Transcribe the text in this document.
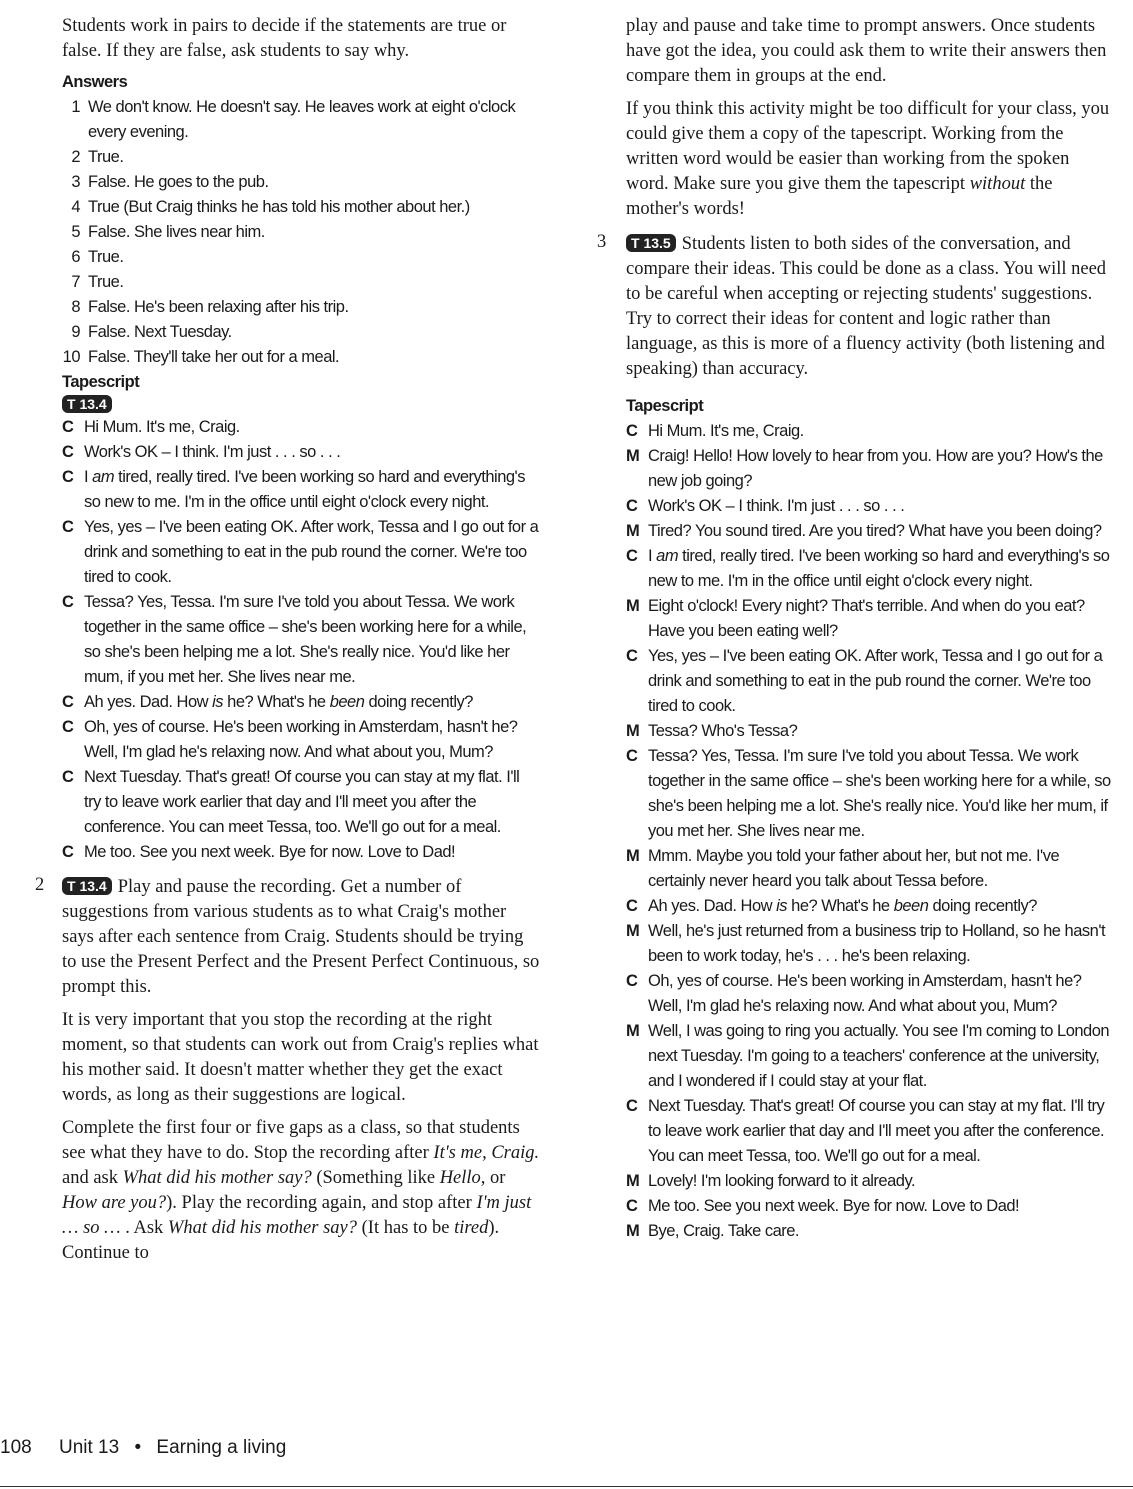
Students work in pairs to decide if the statements are true or false. If they are false, ask students to say why.

Answers
1 We don't know. He doesn't say. He leaves work at eight o'clock every evening.
2 True.
3 False. He goes to the pub.
4 True (But Craig thinks he has told his mother about her.)
5 False. She lives near him.
6 True.
7 True.
8 False. He's been relaxing after his trip.
9 False. Next Tuesday.
10 False. They'll take her out for a meal.
Tapescript
T 13.4
C Hi Mum. It's me, Craig.
C Work's OK – I think. I'm just . . . so . . .
C I am tired, really tired. I've been working so hard and everything's so new to me. I'm in the office until eight o'clock every night.
C Yes, yes – I've been eating OK. After work, Tessa and I go out for a drink and something to eat in the pub round the corner. We're too tired to cook.
C Tessa? Yes, Tessa. I'm sure I've told you about Tessa. We work together in the same office – she's been working here for a while, so she's been helping me a lot. She's really nice. You'd like her mum, if you met her. She lives near me.
C Ah yes. Dad. How is he? What's he been doing recently?
C Oh, yes of course. He's been working in Amsterdam, hasn't he? Well, I'm glad he's relaxing now. And what about you, Mum?
C Next Tuesday. That's great! Of course you can stay at my flat. I'll try to leave work earlier that day and I'll meet you after the conference. You can meet Tessa, too. We'll go out for a meal.
C Me too. See you next week. Bye for now. Love to Dad!
2	T 13.4 Play and pause the recording. Get a number of suggestions from various students as to what Craig's mother says after each sentence from Craig. Students should be trying to use the Present Perfect and the Present Perfect Continuous, so prompt this.

It is very important that you stop the recording at the right moment, so that students can work out from Craig's replies what his mother said. It doesn't matter whether they get the exact words, as long as their suggestions are logical.

Complete the first four or five gaps as a class, so that students see what they have to do. Stop the recording after It's me, Craig. and ask What did his mother say? (Something like Hello, or How are you?). Play the recording again, and stop after I'm just … so … . Ask What did his mother say? (It has to be tired). Continue to

play and pause and take time to prompt answers. Once students have got the idea, you could ask them to write their answers then compare them in groups at the end.

If you think this activity might be too difficult for your class, you could give them a copy of the tapescript. Working from the written word would be easier than working from the spoken word. Make sure you give them the tapescript without the mother's words!

3	T 13.5 Students listen to both sides of the conversation, and compare their ideas. This could be done as a class. You will need to be careful when accepting or rejecting students' suggestions. Try to correct their ideas for content and logic rather than language, as this is more of a fluency activity (both listening and speaking) than accuracy.

Tapescript
C Hi Mum. It's me, Craig.
M Craig! Hello! How lovely to hear from you. How are you? How's the new job going?
C Work's OK – I think. I'm just . . . so . . .
M Tired? You sound tired. Are you tired? What have you been doing?
C I am tired, really tired. I've been working so hard and everything's so new to me. I'm in the office until eight o'clock every night.
M Eight o'clock! Every night? That's terrible. And when do you eat? Have you been eating well?
C Yes, yes – I've been eating OK. After work, Tessa and I go out for a drink and something to eat in the pub round the corner. We're too tired to cook.
M Tessa? Who's Tessa?
C Tessa? Yes, Tessa. I'm sure I've told you about Tessa. We work together in the same office – she's been working here for a while, so she's been helping me a lot. She's really nice. You'd like her mum, if you met her. She lives near me.
M Mmm. Maybe you told your father about her, but not me. I've certainly never heard you talk about Tessa before.
C Ah yes. Dad. How is he? What's he been doing recently?
M Well, he's just returned from a business trip to Holland, so he hasn't been to work today, he's . . . he's been relaxing.
C Oh, yes of course. He's been working in Amsterdam, hasn't he? Well, I'm glad he's relaxing now. And what about you, Mum?
M Well, I was going to ring you actually. You see I'm coming to London next Tuesday. I'm going to a teachers' conference at the university, and I wondered if I could stay at your flat.
C Next Tuesday. That's great! Of course you can stay at my flat. I'll try to leave work earlier that day and I'll meet you after the conference. You can meet Tessa, too. We'll go out for a meal.
M Lovely! I'm looking forward to it already.
C Me too. See you next week. Bye for now. Love to Dad!
M Bye, Craig. Take care.
108 Unit 13 • Earning a living
